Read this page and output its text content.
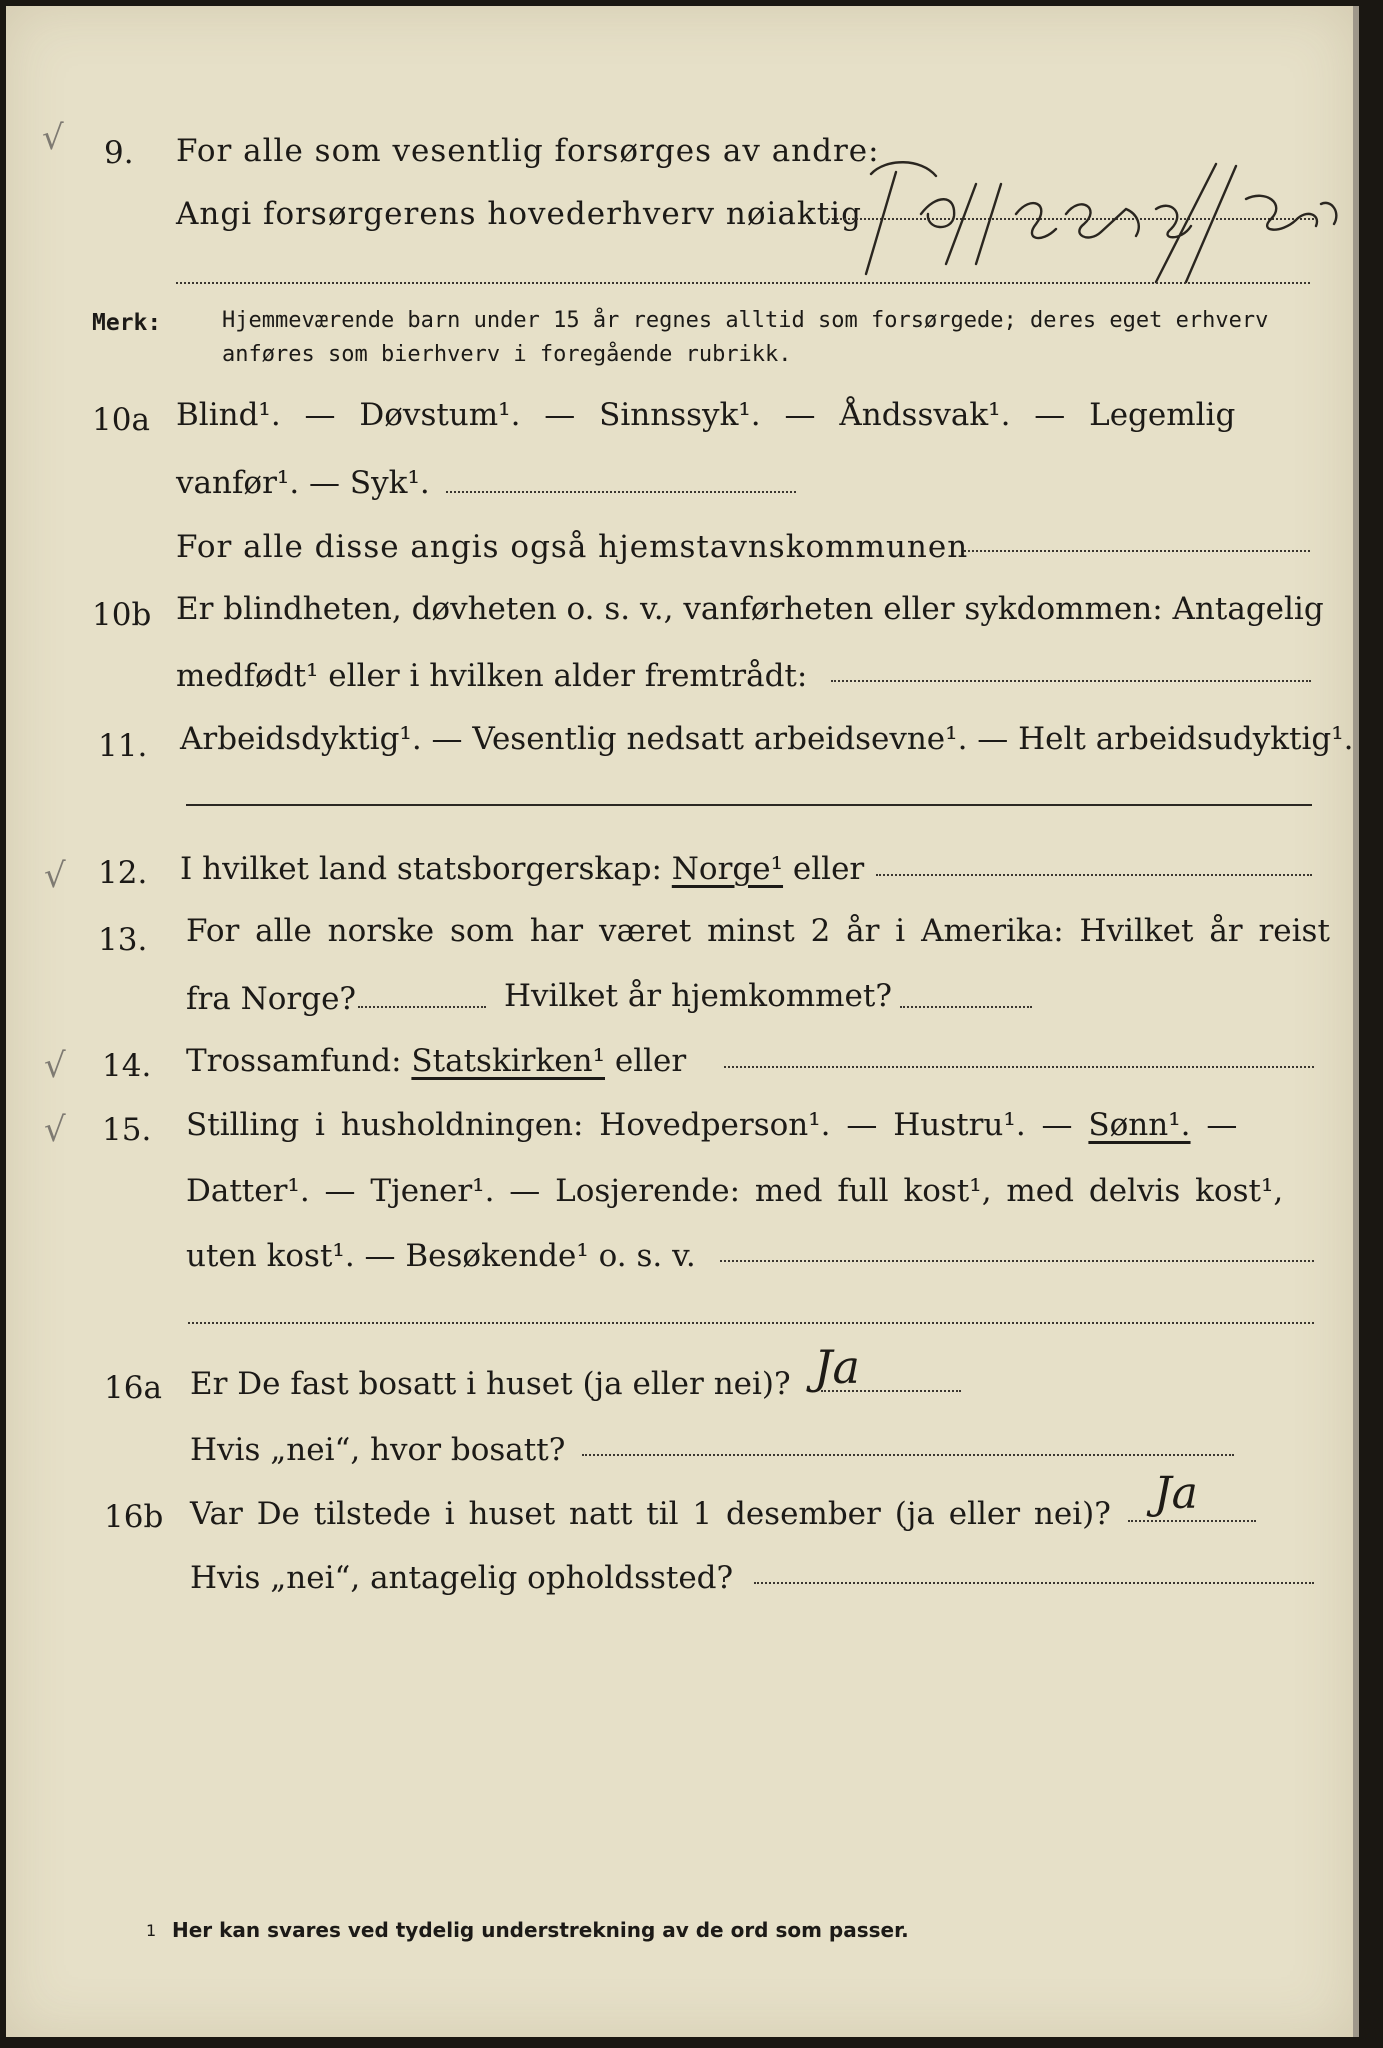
√ 9. For alle som vesentlig forsørges av andre:
Angi forsørgerens hovederhverv nøiaktig
Telegrafformand
Merk:	Hjemmeværende barn under 15 år regnes alltid som forsørgede; deres eget erhverv
anføres som bierhverv i foregående rubrikk.
10a Blind¹. — Døvstum¹. — Sinnssyk¹. — Åndssvak¹. — Legemlig
vanfør¹. — Syk¹.
For alle disse angis også hjemstavnskommunen
10b Er blindheten, døvheten o. s. v., vanførheten eller sykdommen: Antagelig
medfødt¹ eller i hvilken alder fremtrådt:
11. Arbeidsdyktig¹. — Vesentlig nedsatt arbeidsevne¹. — Helt arbeidsudyktig¹.
√ 12. I hvilket land statsborgerskap: Norge¹ eller
13. For alle norske som har været minst 2 år i Amerika: Hvilket år reist
fra Norge?	Hvilket år hjemkommet?
√ 14. Trossamfund: Statskirken¹ eller
√ 15. Stilling i husholdningen: Hovedperson¹. — Hustru¹. — Sønn¹. —
Datter¹. — Tjener¹. — Losjerende: med full kost¹, med delvis kost¹,
uten kost¹. — Besøkende¹ o. s. v.
16a Er De fast bosatt i huset (ja eller nei)? Ja
Hvis „nei“, hvor bosatt?
16b Var De tilstede i huset natt til 1 desember (ja eller nei)? Ja
Hvis „nei“, antagelig opholdssted?
1 Her kan svares ved tydelig understrekning av de ord som passer.
